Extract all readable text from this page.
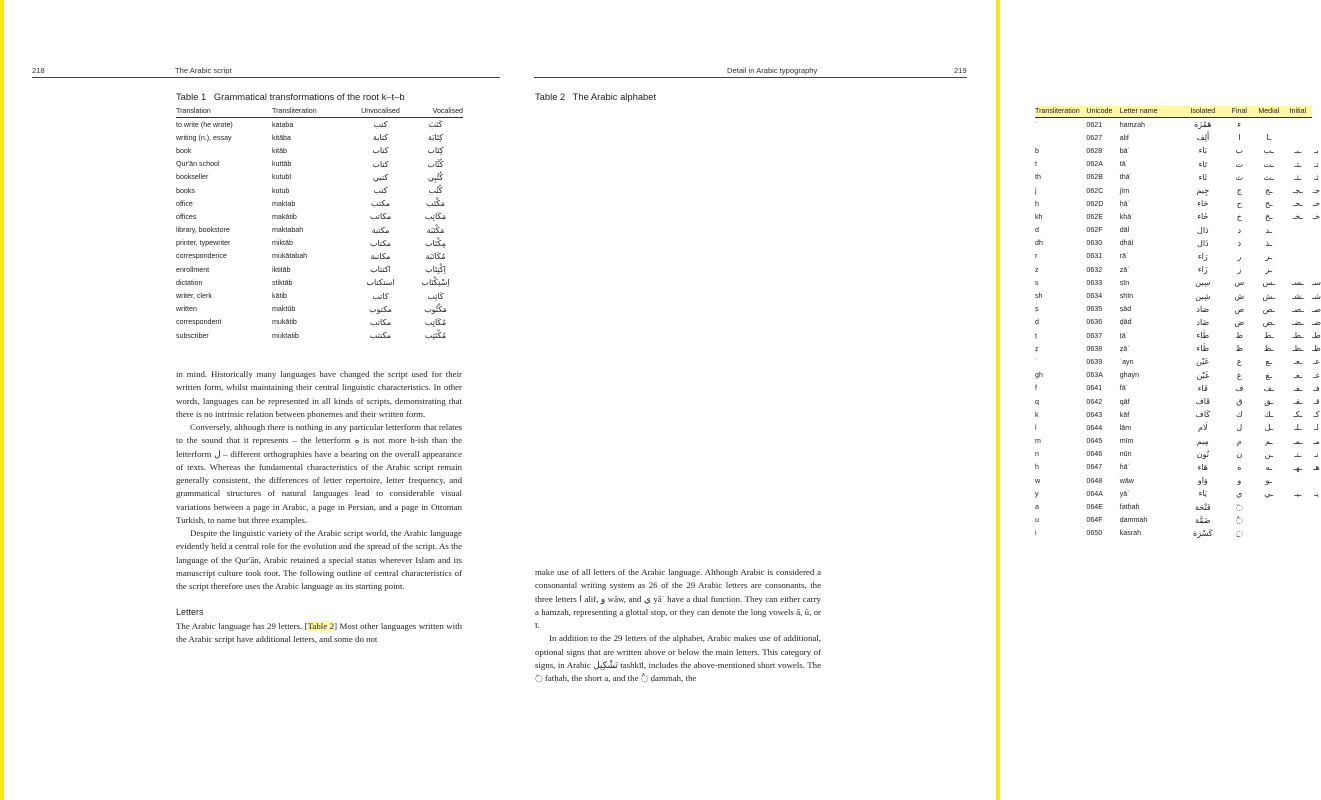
218	The Arabic script
Table 1 Grammatical transformations of the root k–t–b
Translation	Transliteration	Unvocalised	Vocalised
to write (he wrote)	kataba	كتب	كَتَبَ
writing (n.), essay	kitāba	كتابة	كِتَابَة
book	kitāb	كتاب	كِتَاب
Qur'ān school	kuttāb	كتاب	كُتَّاب
bookseller	kutubī	كتبي	كُتُبِي
books	kutub	كتب	كُتُب
office	maktab	مكتب	مَكْتَب
offices	makātib	مكاتب	مَكَاتِب
library, bookstore	maktabah	مكتبة	مَكْتَبَة
printer, typewriter	miktāb	مكتاب	مِكْتَاب
correspondence	mukātabah	مكاتبة	مُكَاتَبَة
enrollment	iktitāb	اكتتاب	اِكْتِتَاب
dictation	stiktāb	استكتاب	اِسْتِكْتَاب
writer, clerk	kātib	كاتب	كَاتِب
written	maktūb	مكتوب	مَكْتُوب
correspondent	mukātib	مكاتب	مُكَاتِب
subscriber	muktatib	مكتتب	مُكْتَتِب

in mind. Historically many languages have changed the script used for their written form, whilst maintaining their central linguistic characteristics. In other words, languages can be represented in all kinds of scripts, demonstrating that there is no intrinsic relation between phonemes and their written form.

Conversely, although there is nothing in any particular letterform that relates to the sound that it represents – the letterform ه is not more h-ish than the letterform ل – different orthographies have a bearing on the overall appearance of texts. Whereas the fundamental characteristics of the Arabic script remain generally consistent, the differences of letter repertoire, letter frequency, and grammatical structures of natural languages lead to considerable visual variations between a page in Arabic, a page in Persian, and a page in Ottoman Turkish, to name but three examples.

Despite the linguistic variety of the Arabic script world, the Arabic language evidently held a central role for the evolution and the spread of the script. As the language of the Qur'ān, Arabic retained a special status wherever Islam and its manuscript culture took root. The following outline of central characteristics of the script therefore uses the Arabic language as its starting point.

Letters

The Arabic language has 29 letters. [Table 2] Most other languages written with the Arabic script have additional letters, and some do not

Detail in Arabic typography	219
Table 2 The Arabic alphabet
Transliteration	Unicode	Letter name	Isolated	Final	Medial	Initial	
ʾ	0621	hamzah	هَمْزَة	ء			
	0627	alif	أَلِف	ا	ـا		
b	0628	bāʾ	بَاء	ب	ـب	ـبـ	بـ
t	062A	tāʾ	تَاء	ت	ـت	ـتـ	تـ
th	062B	thāʾ	ثَاء	ث	ـث	ـثـ	ثـ
j	062C	jīm	جِيم	ج	ـج	ـجـ	جـ
ḥ	062D	ḥāʾ	حَاء	ح	ـح	ـحـ	حـ
kh	062E	khāʾ	خَاء	خ	ـخ	ـخـ	خـ
d	062F	dāl	دَال	د	ـد		
dh	0630	dhāl	ذَال	ذ	ـذ		
r	0631	rāʾ	رَاء	ر	ـر		
z	0632	zāʾ	زَاء	ز	ـز		
s	0633	sīn	سِين	س	ـس	ـسـ	سـ
sh	0634	shīn	شِين	ش	ـش	ـشـ	شـ
ṣ	0635	ṣād	صَاد	ص	ـص	ـصـ	صـ
ḍ	0636	ḍād	ضَاد	ض	ـض	ـضـ	ضـ
ṭ	0637	ṭāʾ	طَاء	ط	ـط	ـطـ	طـ
ẓ	0638	ẓāʾ	ظَاء	ظ	ـظ	ـظـ	ظـ
ʿ	0639	ʿayn	عَيْن	ع	ـع	ـعـ	عـ
gh	063A	ghayn	غَيْن	غ	ـغ	ـغـ	غـ
f	0641	fāʾ	فَاء	ف	ـف	ـفـ	فـ
q	0642	qāf	قَاف	ق	ـق	ـقـ	قـ
k	0643	kāf	كَاف	ك	ـك	ـكـ	كـ
l	0644	lām	لَام	ل	ـل	ـلـ	لـ
m	0645	mīm	مِيم	م	ـم	ـمـ	مـ
n	0646	nūn	نُون	ن	ـن	ـنـ	نـ
h	0647	hāʾ	هَاء	ه	ـه	ـهـ	هـ
w	0648	wāw	وَاو	و	ـو		
y	064A	yāʾ	يَاء	ي	ـي	ـيـ	يـ
a	064E	fatḥah	فَتْحَة	◌َ			
u	064F	ḍammah	ضَمَّة	◌ُ			
i	0650	kasrah	كَسْرَة	◌ِ			

make use of all letters of the Arabic language. Although Arabic is considered a consonantal writing system as 26 of the 29 Arabic letters are consonants, the three letters ا alif, و wāw, and ي yāʾ have a dual function. They can either carry a hamzah, representing a glottal stop, or they can denote the long vowels ā, ū, or ī.

In addition to the 29 letters of the alphabet, Arabic makes use of additional, optional signs that are written above or below the main letters. This category of signs, in Arabic تَشْكِيل tashkīl, includes the above-mentioned short vowels. The ◌َ fatḥah, the short a, and the ◌ُ ḍammah, the
